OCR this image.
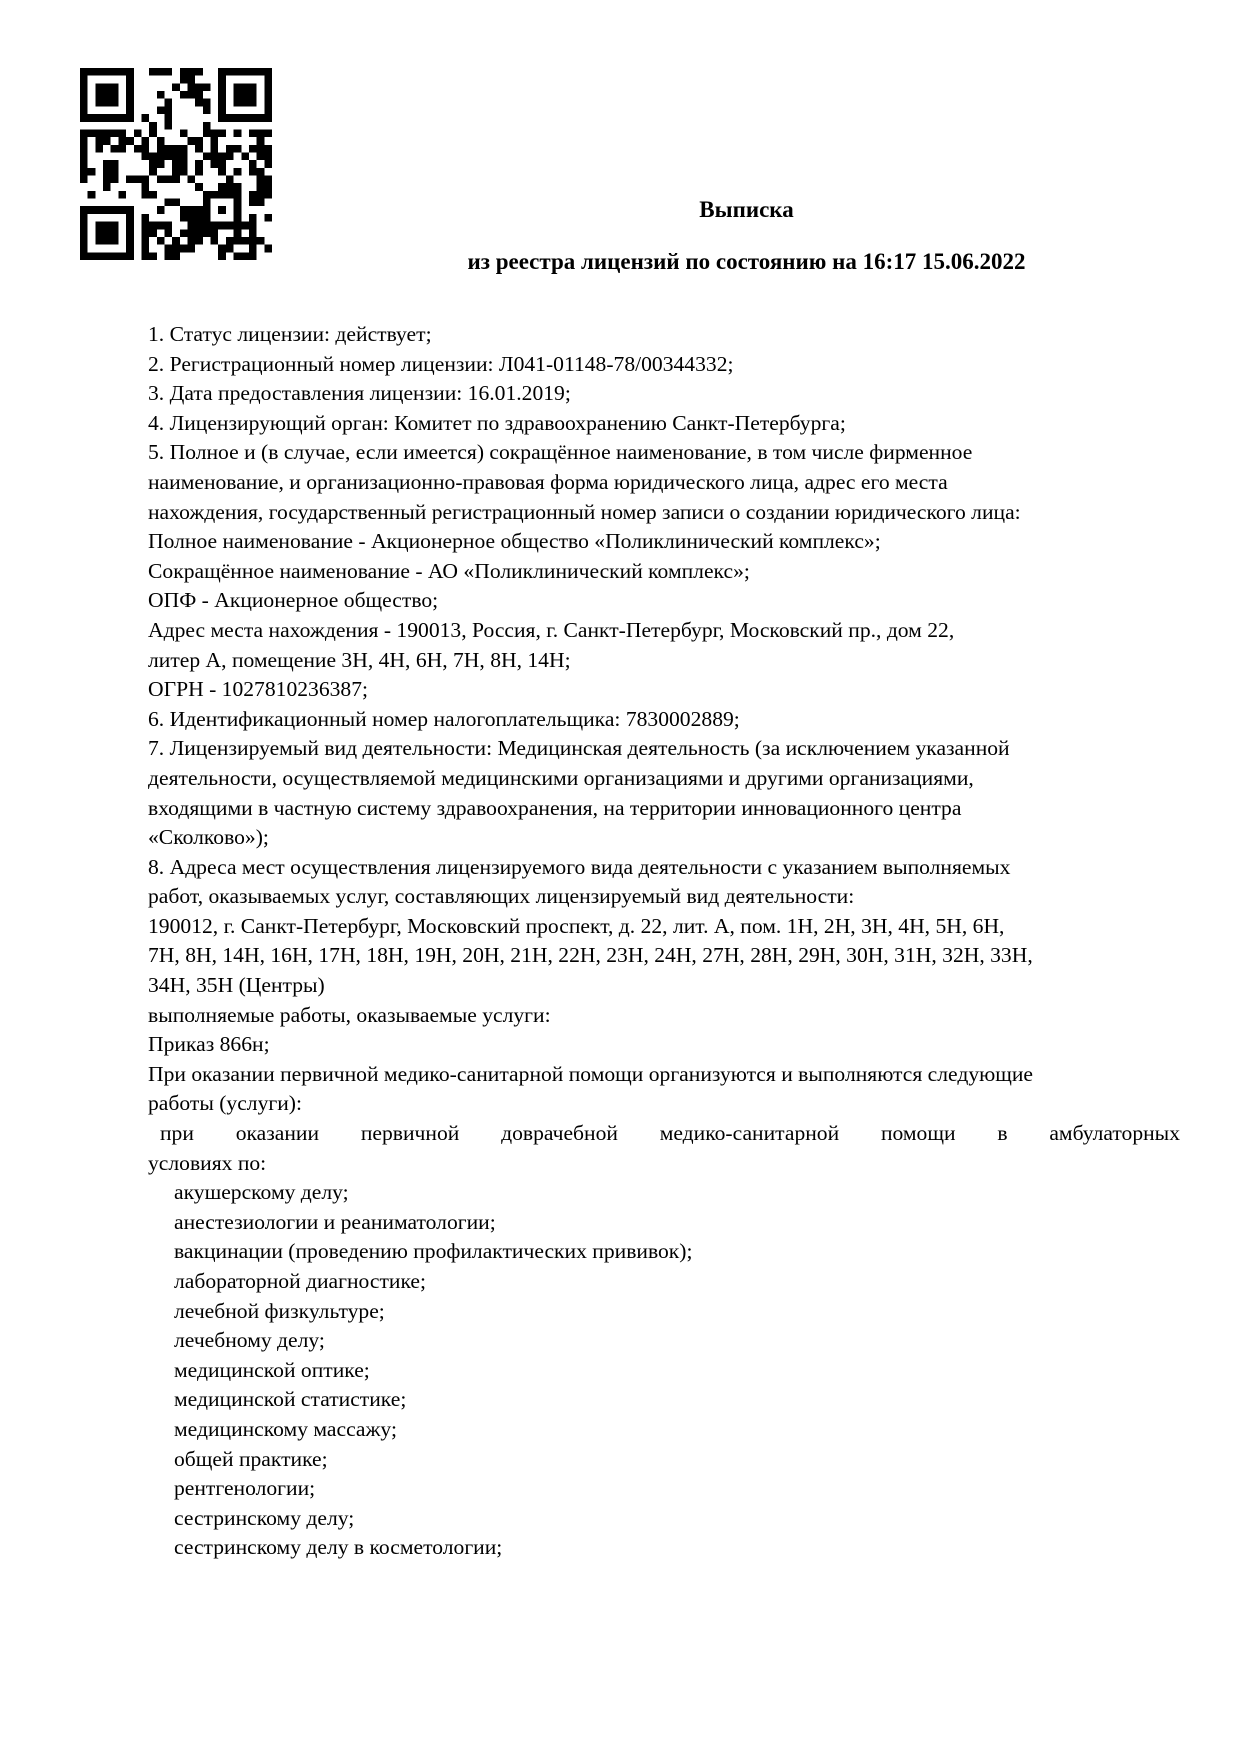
Выписка
из реестра лицензий по состоянию на 16:17 15.06.2022
1. Статус лицензии: действует;
2. Регистрационный номер лицензии: Л041-01148-78/00344332;
3. Дата предоставления лицензии: 16.01.2019;
4. Лицензирующий орган: Комитет по здравоохранению Санкт-Петербурга;
5. Полное и (в случае, если имеется) сокращённое наименование, в том числе фирменное
наименование, и организационно-правовая форма юридического лица, адрес его места
нахождения, государственный регистрационный номер записи о создании юридического лица:
Полное наименование - Акционерное общество «Поликлинический комплекс»;
Сокращённое наименование - АО «Поликлинический комплекс»;
ОПФ - Акционерное общество;
Адрес места нахождения - 190013, Россия, г. Санкт-Петербург, Московский пр., дом 22,
литер А, помещение 3Н, 4Н, 6Н, 7Н, 8Н, 14Н;
ОГРН - 1027810236387;
6. Идентификационный номер налогоплательщика: 7830002889;
7. Лицензируемый вид деятельности: Медицинская деятельность (за исключением указанной
деятельности, осуществляемой медицинскими организациями и другими организациями,
входящими в частную систему здравоохранения, на территории инновационного центра
«Сколково»);
8. Адреса мест осуществления лицензируемого вида деятельности с указанием выполняемых
работ, оказываемых услуг, составляющих лицензируемый вид деятельности:
190012, г. Санкт-Петербург, Московский проспект, д. 22, лит. А, пом. 1Н, 2Н, 3Н, 4Н, 5Н, 6Н,
7Н, 8Н, 14Н, 16Н, 17Н, 18Н, 19Н, 20Н, 21Н, 22Н, 23Н, 24Н, 27Н, 28Н, 29Н, 30Н, 31Н, 32Н, 33Н,
34Н, 35Н (Центры)
выполняемые работы, оказываемые услуги:
Приказ 866н;
При оказании первичной медико-санитарной помощи организуются и выполняются следующие
работы (услуги):
при оказании первичной доврачебной медико-санитарной помощи в амбулаторных
условиях по:
акушерскому делу;
анестезиологии и реаниматологии;
вакцинации (проведению профилактических прививок);
лабораторной диагностике;
лечебной физкультуре;
лечебному делу;
медицинской оптике;
медицинской статистике;
медицинскому массажу;
общей практике;
рентгенологии;
сестринскому делу;
сестринскому делу в косметологии;
